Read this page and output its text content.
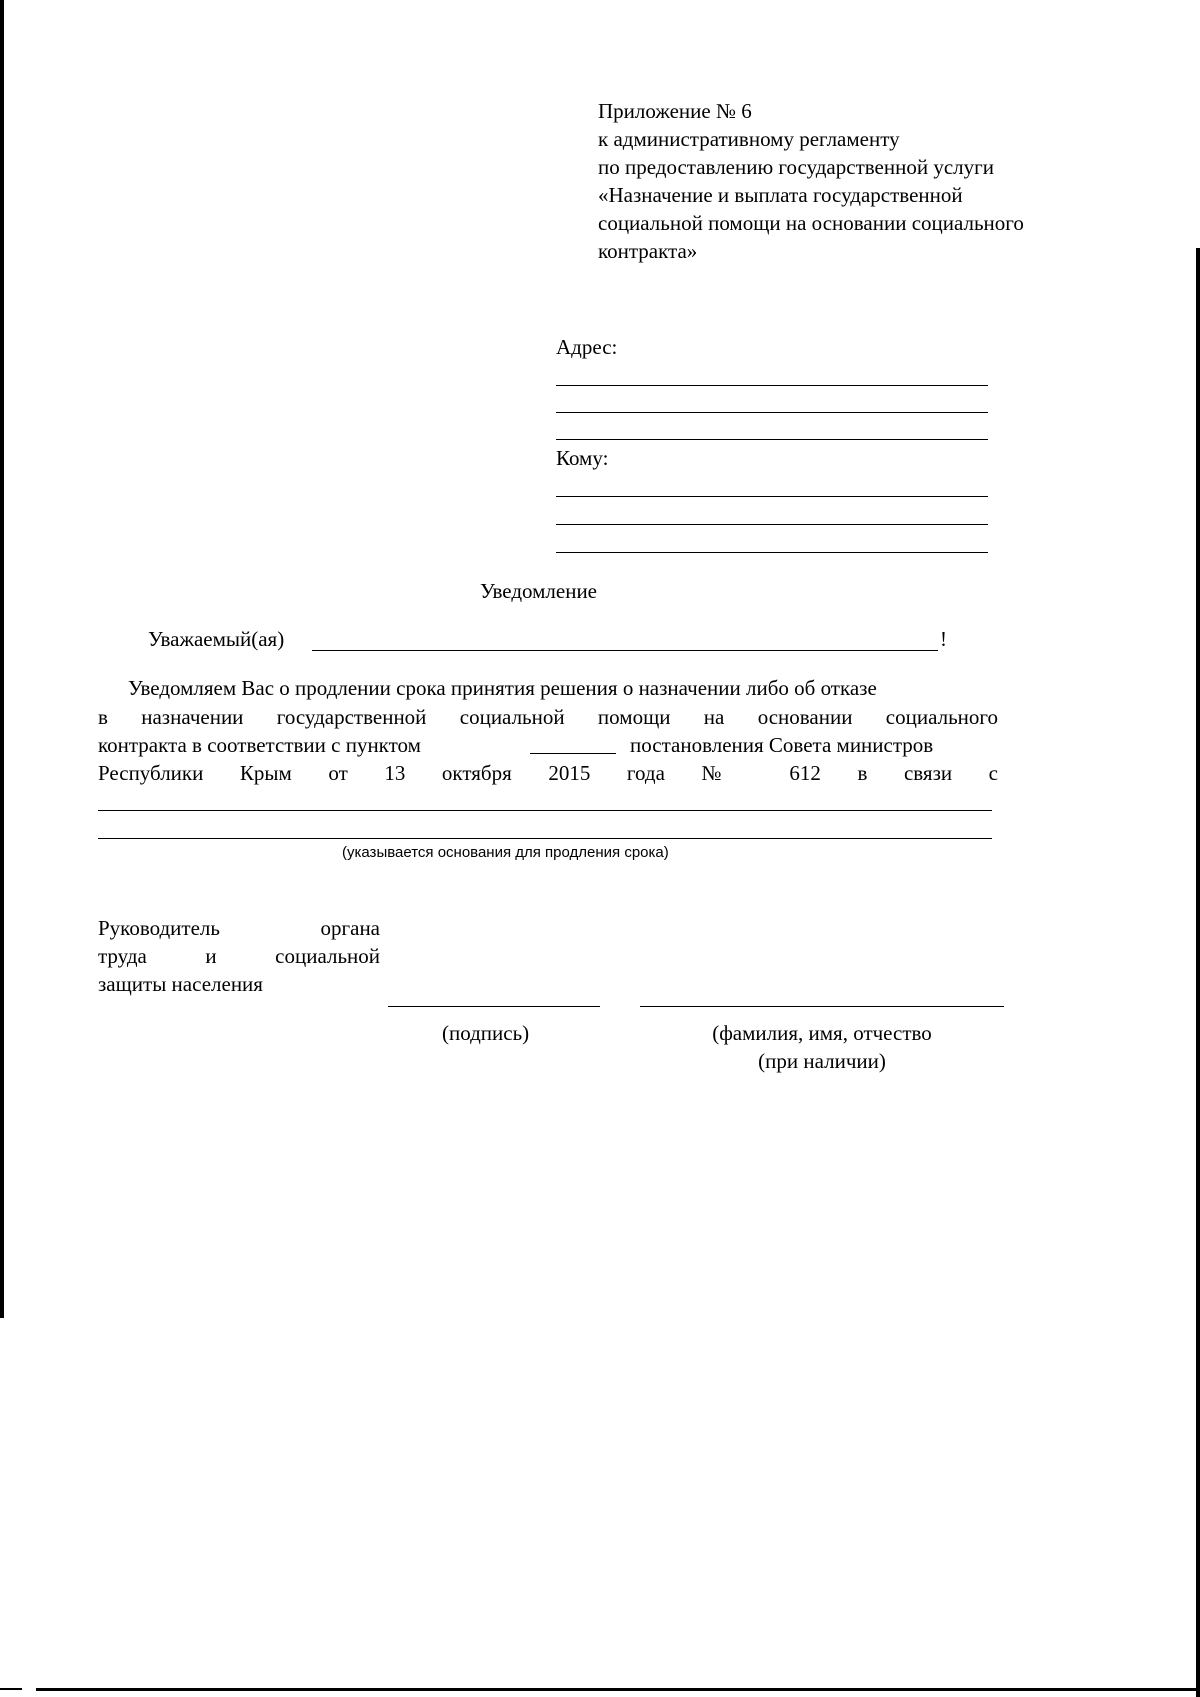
Приложение № 6
к административному регламенту
по предоставлению государственной услуги
«Назначение и выплата государственной
социальной помощи на основании социального
контракта»
Адрес:
Кому:
Уведомление
Уважаемый(ая)	!
Уведомляем Вас о продлении срока принятия решения о назначении либо об отказе
в назначении государственной социальной помощи на основании социального
контракта в соответствии с пунктом	постановления Совета министров
Республики Крым от 13 октября 2015 года № 612 в связи с
(указывается основания для продления срока)
Руководитель органа
труда и социальной
защиты населения
(подпись)	(фамилия, имя, отчество
(при наличии)
